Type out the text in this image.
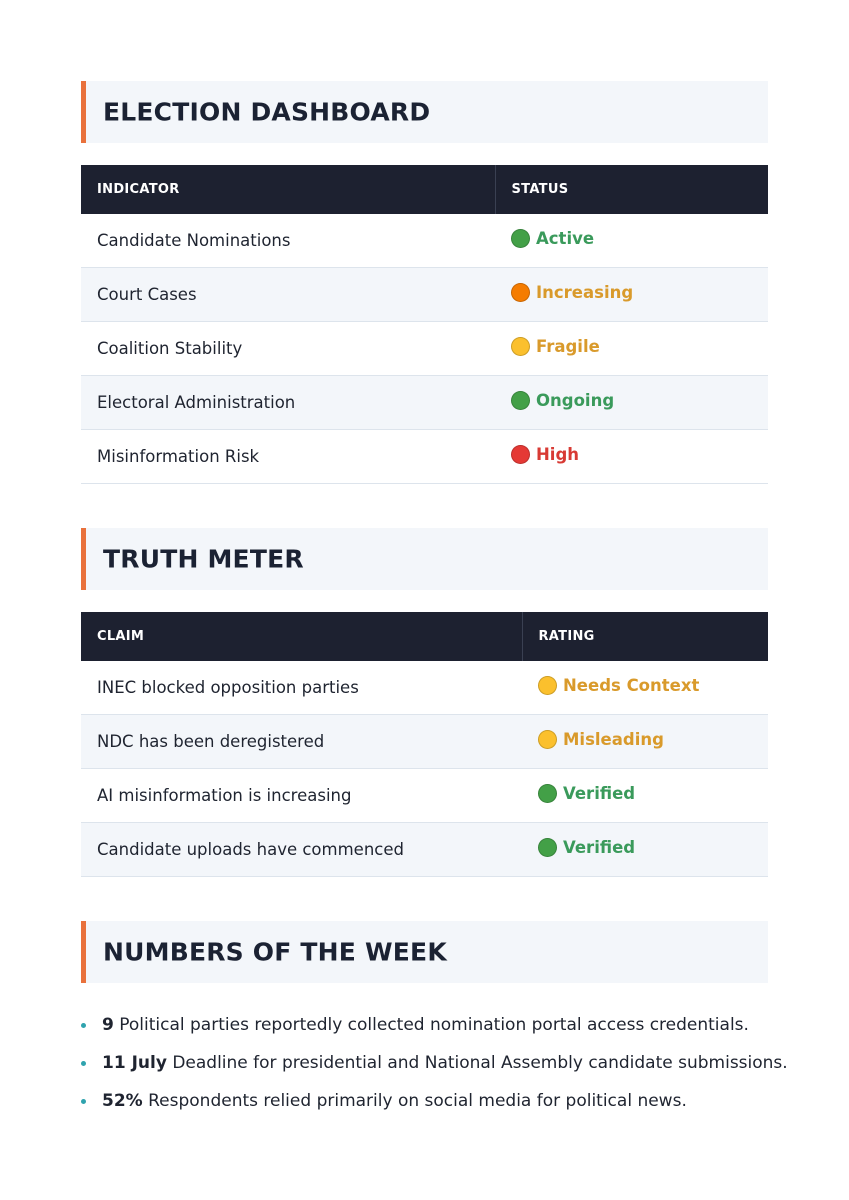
ELECTION DASHBOARD
INDICATOR	STATUS
Candidate Nominations	Active

Court Cases	Increasing

Coalition Stability	Fragile

Electoral Administration	Ongoing

Misinformation Risk	High
TRUTH METER
CLAIM	RATING
INEC blocked opposition parties	Needs Context

NDC has been deregistered	Misleading

AI misinformation is increasing	Verified

Candidate uploads have commenced	Verified
NUMBERS OF THE WEEK
9 Political parties reportedly collected nomination portal access credentials.
11 July Deadline for presidential and National Assembly candidate submissions.
52% Respondents relied primarily on social media for political news.
